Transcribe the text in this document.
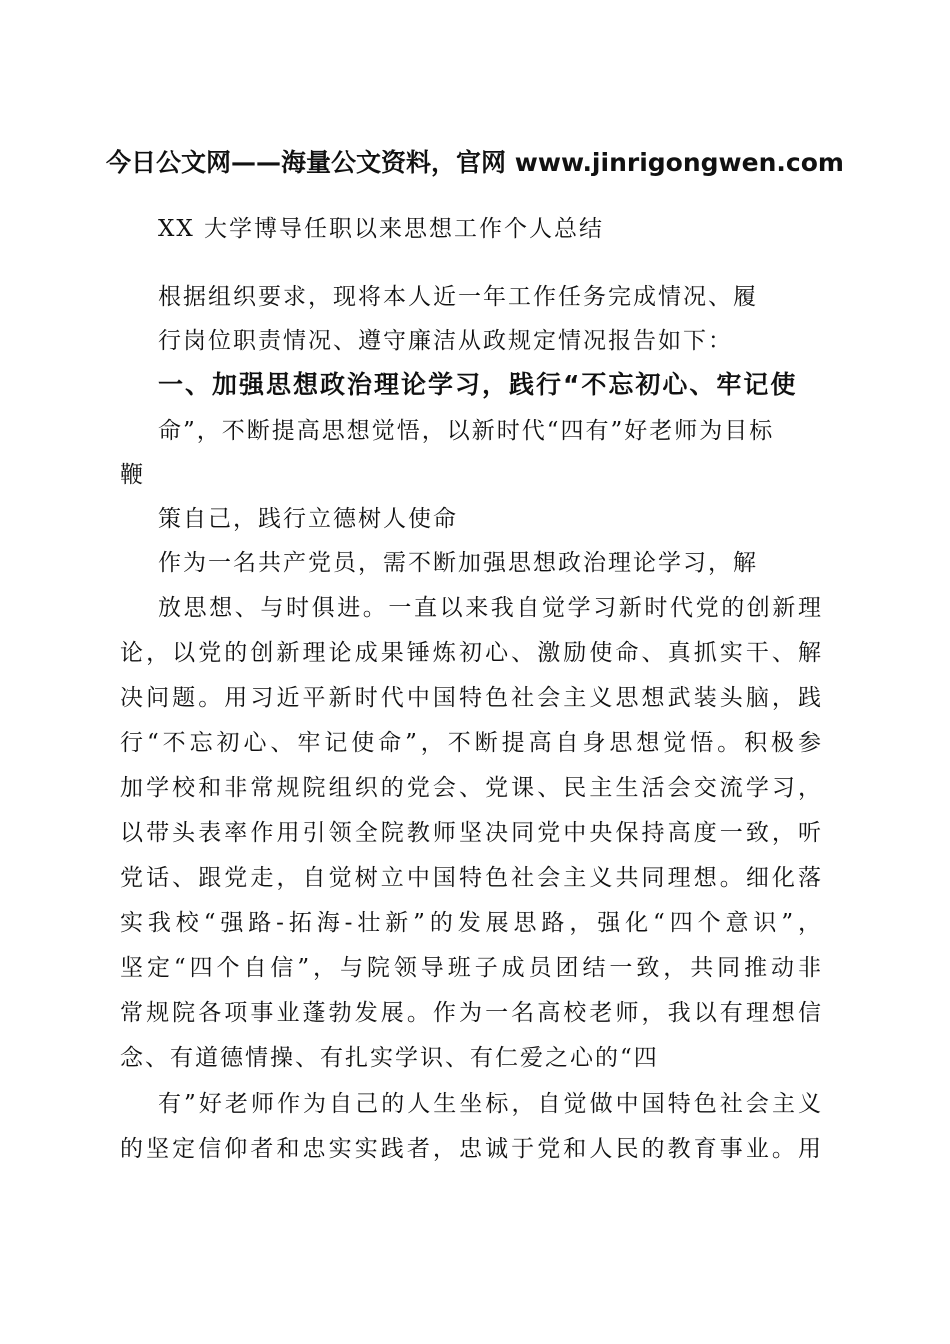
今日公文网——海量公文资料，官网 www.jinrigongwen.com
XX 大学博导任职以来思想工作个人总结
根据组织要求，现将本人近一年工作任务完成情况、履
行岗位职责情况、遵守廉洁从政规定情况报告如下：
一、加强思想政治理论学习，践行“不忘初心、牢记使
命”，不断提高思想觉悟，以新时代“四有”好老师为目标
鞭
策自己，践行立德树人使命
作为一名共产党员，需不断加强思想政治理论学习，解
放思想、与时俱进。一直以来我自觉学习新时代党的创新理
论，以党的创新理论成果锤炼初心、激励使命、真抓实干、解
决问题。用习近平新时代中国特色社会主义思想武装头脑，践
行“不忘初心、牢记使命”，不断提高自身思想觉悟。积极参
加学校和非常规院组织的党会、党课、民主生活会交流学习，
以带头表率作用引领全院教师坚决同党中央保持高度一致，听
党话、跟党走，自觉树立中国特色社会主义共同理想。细化落
实我校“强路-拓海-壮新”的发展思路，强化“四个意识”，
坚定“四个自信”，与院领导班子成员团结一致，共同推动非
常规院各项事业蓬勃发展。作为一名高校老师，我以有理想信
念、有道德情操、有扎实学识、有仁爱之心的“四
有”好老师作为自己的人生坐标，自觉做中国特色社会主义
的坚定信仰者和忠实实践者，忠诚于党和人民的教育事业。用
